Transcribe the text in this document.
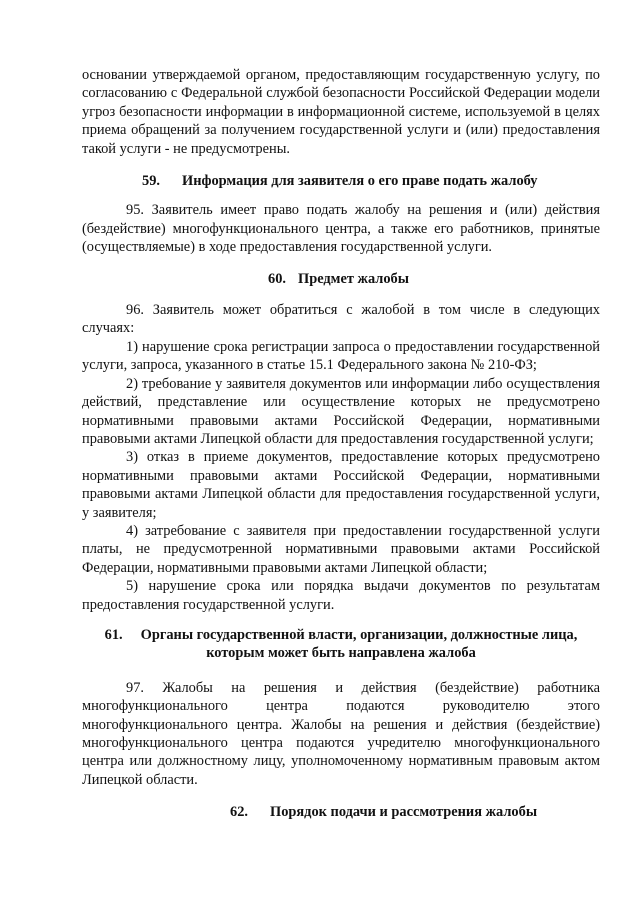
основании утверждаемой органом, предоставляющим государственную услугу, по согласованию с Федеральной службой безопасности Российской Федерации модели угроз безопасности информации в информационной системе, используемой в целях приема обращений за получением государственной услуги и (или) предоставления такой услуги - не предусмотрены.

59. Информация для заявителя о его праве подать жалобу

95. Заявитель имеет право подать жалобу на решения и (или) действия (бездействие) многофункционального центра, а также его работников, принятые (осуществляемые) в ходе предоставления государственной услуги.

60. Предмет жалобы

96. Заявитель может обратиться с жалобой в том числе в следующих случаях:

1) нарушение срока регистрации запроса о предоставлении государственной услуги, запроса, указанного в статье 15.1 Федерального закона № 210-ФЗ;

2) требование у заявителя документов или информации либо осуществления действий, представление или осуществление которых не предусмотрено нормативными правовыми актами Российской Федерации, нормативными правовыми актами Липецкой области для предоставления государственной услуги;

3) отказ в приеме документов, предоставление которых предусмотрено нормативными правовыми актами Российской Федерации, нормативными правовыми актами Липецкой области для предоставления государственной услуги, у заявителя;

4) затребование с заявителя при предоставлении государственной услуги платы, не предусмотренной нормативными правовыми актами Российской Федерации, нормативными правовыми актами Липецкой области;

5) нарушение срока или порядка выдачи документов по результатам предоставления государственной услуги.

61. Органы государственной власти, организации, должностные лица,
которым может быть направлена жалоба

97. Жалобы на решения и действия (бездействие) работника многофункционального центра подаются руководителю этого многофункционального центра. Жалобы на решения и действия (бездействие) многофункционального центра подаются учредителю многофункционального центра или должностному лицу, уполномоченному нормативным правовым актом Липецкой области.

62. Порядок подачи и рассмотрения жалобы
